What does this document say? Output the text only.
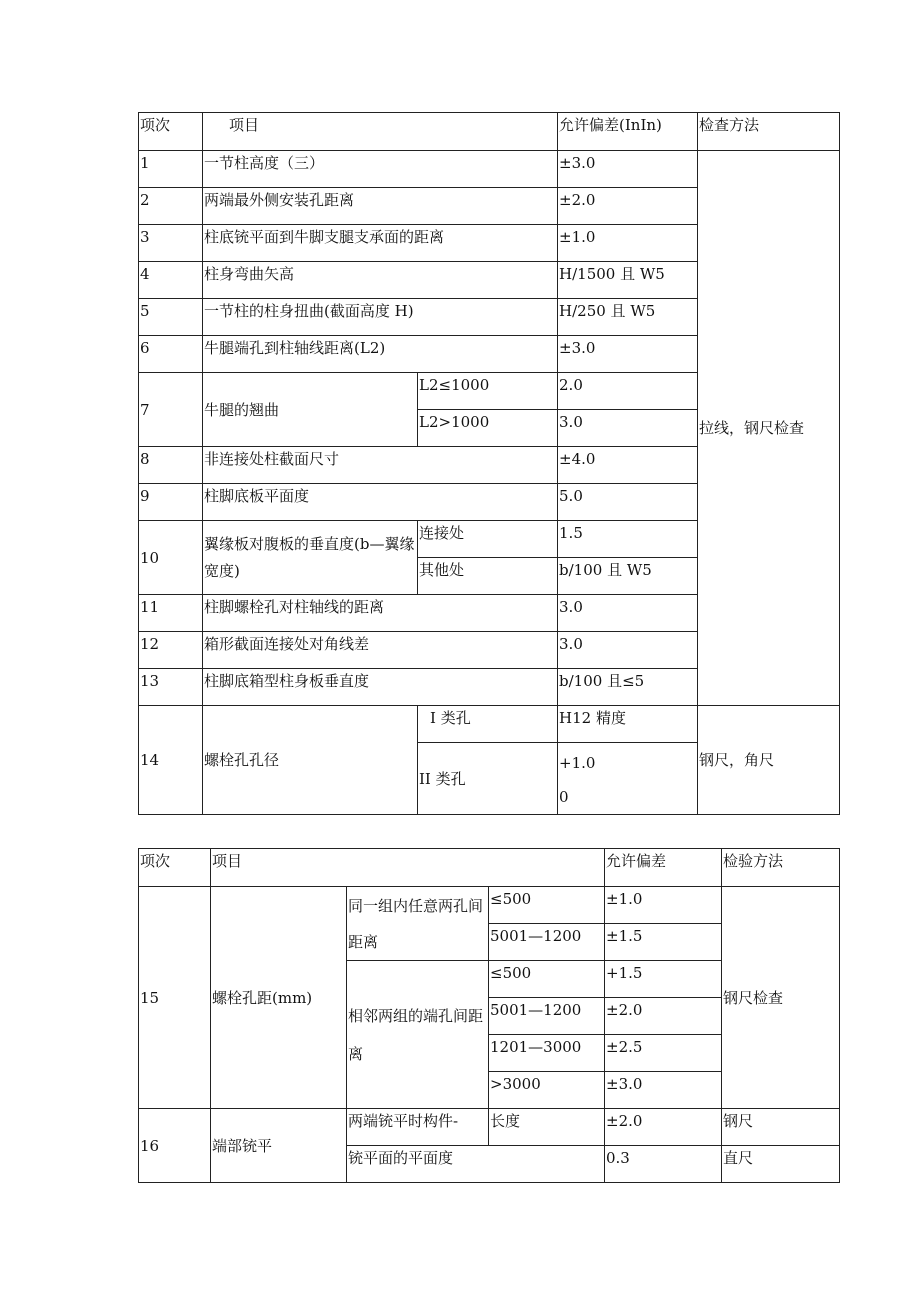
项次	项目		允许偏差(InIn)	检查方法
1	一节柱高度（三）		±3.0	拉线，钢尺检查
2	两端最外侧安装孔距离		±2.0	
3	柱底铳平面到牛脚支腿支承面的距离		±1.0	
4	柱身弯曲矢高		H/1500 且 W5	
5	一节柱的柱身扭曲(截面高度 H)		H/250 且 W5	
6	牛腿端孔到柱轴线距离(L2)		±3.0	
7	牛腿的翘曲	L2≤1000	2.0	
		L2>1000	3.0	
8	非连接处柱截面尺寸		±4.0	
9	柱脚底板平面度		5.0	
10	翼缘板对腹板的垂直度(b—翼缘宽度)	连接处	1.5	
		其他处	b/100 且 W5	
11	柱脚螺栓孔对柱轴线的距离		3.0	
12	箱形截面连接处对角线差		3.0	
13	柱脚底箱型柱身板垂直度		b/100 且≤5	
14	螺栓孔孔径	I 类孔	H12 精度	钢尺，角尺
		II 类孔	+1.0
0	
项次	项目			允许偏差	检验方法
15	螺栓孔距(mm)	同一组内任意两孔间距离	≤500	±1.0	钢尺检查
			5001—1200	±1.5	
		相邻两组的端孔间距离	≤500	+1.5	
			5001—1200	±2.0	
			1201—3000	±2.5	
			>3000	±3.0	
16	端部铳平	两端铳平时构件-	长度	±2.0	钢尺
		铳平面的平面度		0.3	直尺
